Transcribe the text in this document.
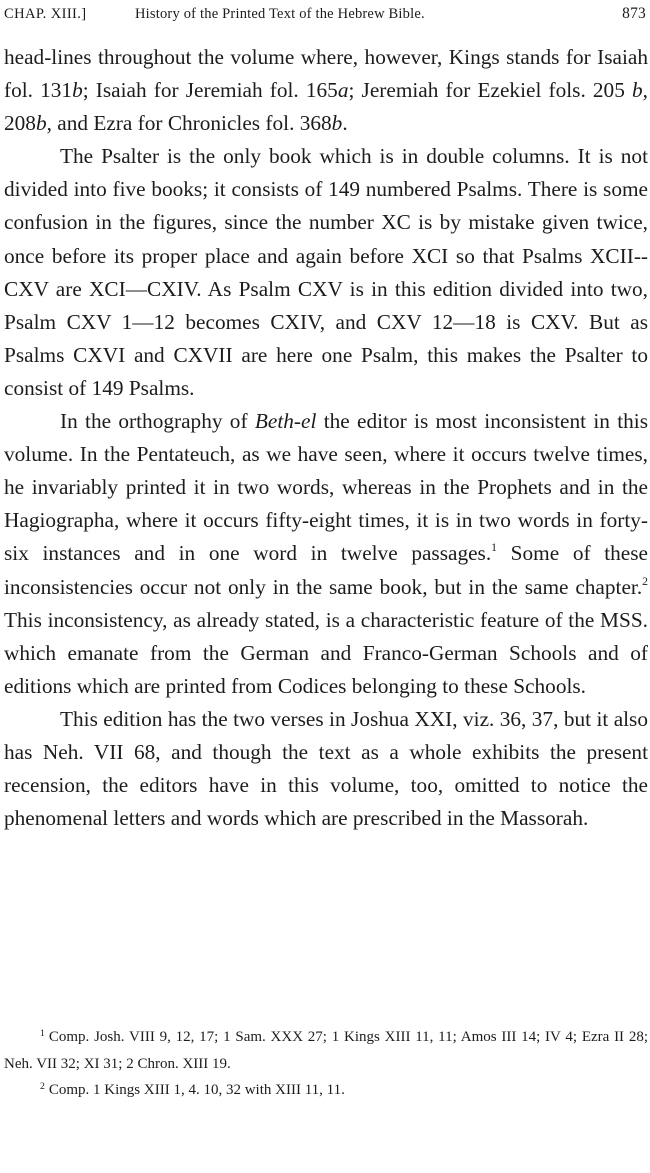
CHAP. XIII.]	History of the Printed Text of the Hebrew Bible.	873

head-lines throughout the volume where, however, Kings stands for Isaiah fol. 131b; Isaiah for Jeremiah fol. 165a; Jeremiah for Ezekiel fols. 205 b, 208b, and Ezra for Chronicles fol. 368b.

The Psalter is the only book which is in double columns. It is not divided into five books; it consists of 149 numbered Psalms. There is some confusion in the figures, since the number XC is by mistake given twice, once before its proper place and again before XCI so that Psalms XCII--CXV are XCI—CXIV. As Psalm CXV is in this edition divided into two, Psalm CXV 1—12 becomes CXIV, and CXV 12—18 is CXV. But as Psalms CXVI and CXVII are here one Psalm, this makes the Psalter to consist of 149 Psalms.

In the orthography of Beth-el the editor is most inconsistent in this volume. In the Pentateuch, as we have seen, where it occurs twelve times, he invariably printed it in two words, whereas in the Prophets and in the Hagiographa, where it occurs fifty-eight times, it is in two words in forty-six instances and in one word in twelve passages.$^1$ Some of these inconsistencies occur not only in the same book, but in the same chapter.$^2$ This inconsistency, as already stated, is a characteristic feature of the MSS. which emanate from the German and Franco-German Schools and of editions which are printed from Codices belonging to these Schools.

This edition has the two verses in Joshua XXI, viz. 36, 37, but it also has Neh. VII 68, and though the text as a whole exhibits the present recension, the editors have in this volume, too, omitted to notice the phenomenal letters and words which are prescribed in the Massorah.

$^1$ Comp. Josh. VIII 9, 12, 17; 1 Sam. XXX 27; 1 Kings XIII 11, 11; Amos III 14; IV 4; Ezra II 28; Neh. VII 32; XI 31; 2 Chron. XIII 19.

$^2$ Comp. 1 Kings XIII 1, 4. 10, 32 with XIII 11, 11.
